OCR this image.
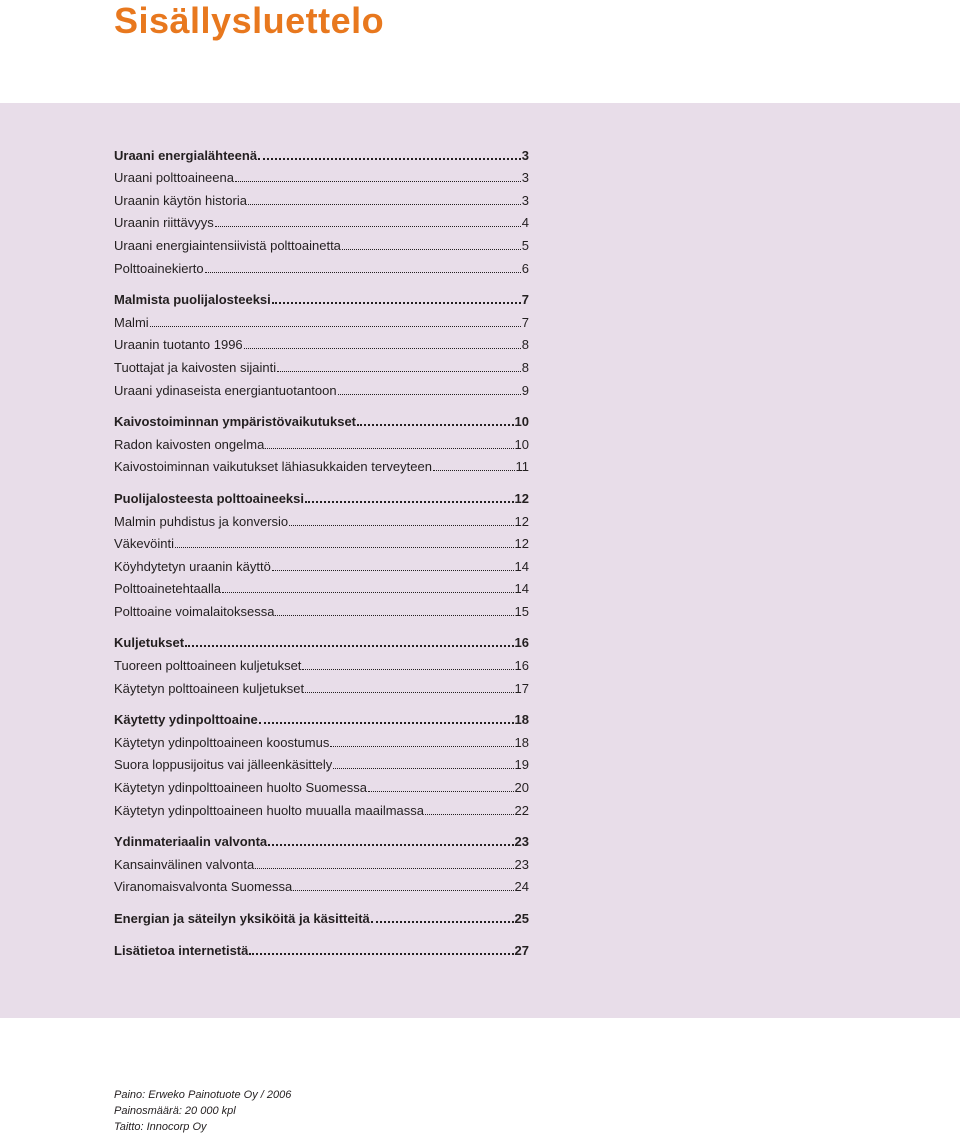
Sisällysluettelo
Uraani energialähteenä	3
Uraani polttoaineena	3
Uraanin käytön historia	3
Uraanin riittävyys	4
Uraani energiaintensiivistä polttoainetta	5
Polttoainekierto	6
Malmista puolijalosteeksi	7
Malmi	7
Uraanin tuotanto 1996	8
Tuottajat ja kaivosten sijainti	8
Uraani ydinaseista energiantuotantoon	9
Kaivostoiminnan ympäristövaikutukset	10
Radon kaivosten ongelma	10
Kaivostoiminnan vaikutukset lähiasukkaiden terveyteen	11
Puolijalosteesta polttoaineeksi	12
Malmin puhdistus ja konversio	12
Väkevöinti	12
Köyhdytetyn uraanin käyttö	14
Polttoainetehtaalla	14
Polttoaine voimalaitoksessa	15
Kuljetukset	16
Tuoreen polttoaineen kuljetukset	16
Käytetyn polttoaineen kuljetukset	17
Käytetty ydinpolttoaine	18
Käytetyn ydinpolttoaineen koostumus	18
Suora loppusijoitus vai jälleenkäsittely	19
Käytetyn ydinpolttoaineen huolto Suomessa	20
Käytetyn ydinpolttoaineen huolto muualla maailmassa	22
Ydinmateriaalin valvonta	23
Kansainvälinen valvonta	23
Viranomaisvalvonta Suomessa	24
Energian ja säteilyn yksiköitä ja käsitteitä	25
Lisätietoa internetistä	27
Paino: Erweko Painotuote Oy / 2006
Painosmäärä: 20 000 kpl
Taitto: Innocorp Oy
